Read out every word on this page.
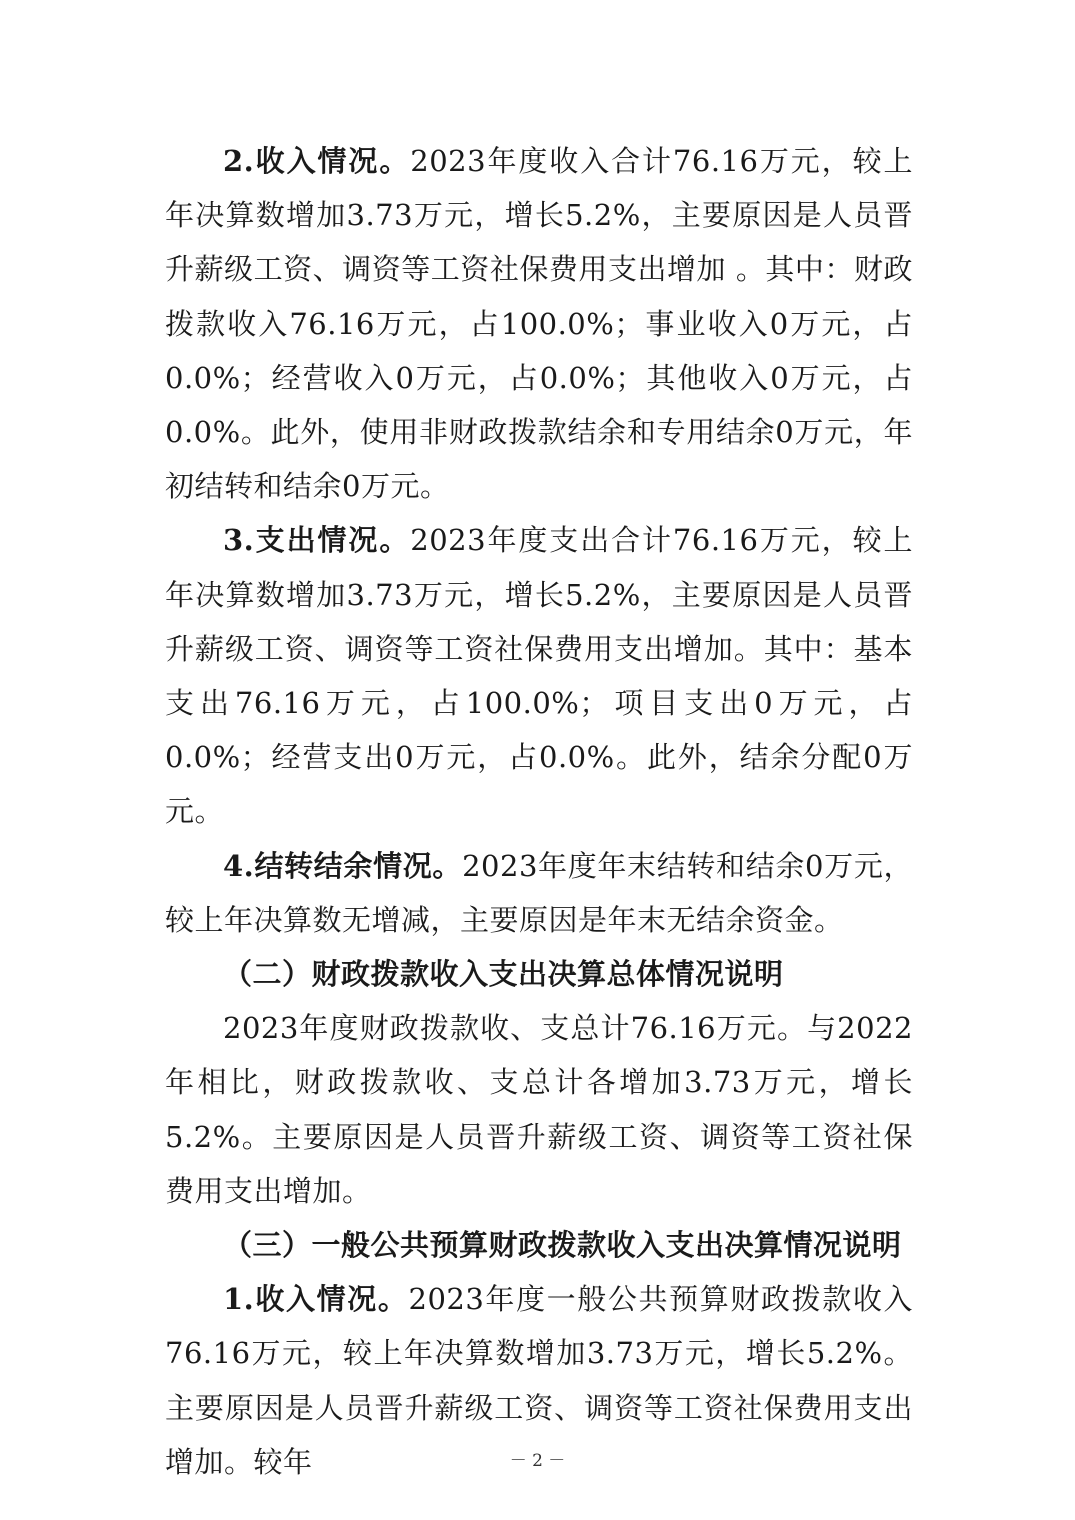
2.收入情况。2023年度收入合计76.16万元，较上年决算数增加3.73万元，增长5.2%，主要原因是人员晋升薪级工资、调资等工资社保费用支出增加 。其中：财政拨款收入76.16万元，占100.0%；事业收入0万元，占0.0%；经营收入0万元，占0.0%；其他收入0万元，占0.0%。此外，使用非财政拨款结余和专用结余0万元，年初结转和结余0万元。

3.支出情况。2023年度支出合计76.16万元，较上年决算数增加3.73万元，增长5.2%，主要原因是人员晋升薪级工资、调资等工资社保费用支出增加。其中：基本支出76.16万元，占100.0%；项目支出0万元，占0.0%；经营支出0万元，占0.0%。此外，结余分配0万元。

4.结转结余情况。2023年度年末结转和结余0万元，较上年决算数无增减，主要原因是年末无结余资金。

（二）财政拨款收入支出决算总体情况说明

2023年度财政拨款收、支总计76.16万元。与2022年相比，财政拨款收、支总计各增加3.73万元，增长5.2%。主要原因是人员晋升薪级工资、调资等工资社保费用支出增加。

（三）一般公共预算财政拨款收入支出决算情况说明

1.收入情况。2023年度一般公共预算财政拨款收入76.16万元，较上年决算数增加3.73万元，增长5.2%。主要原因是人员晋升薪级工资、调资等工资社保费用支出增加。较年	－ 2 －
